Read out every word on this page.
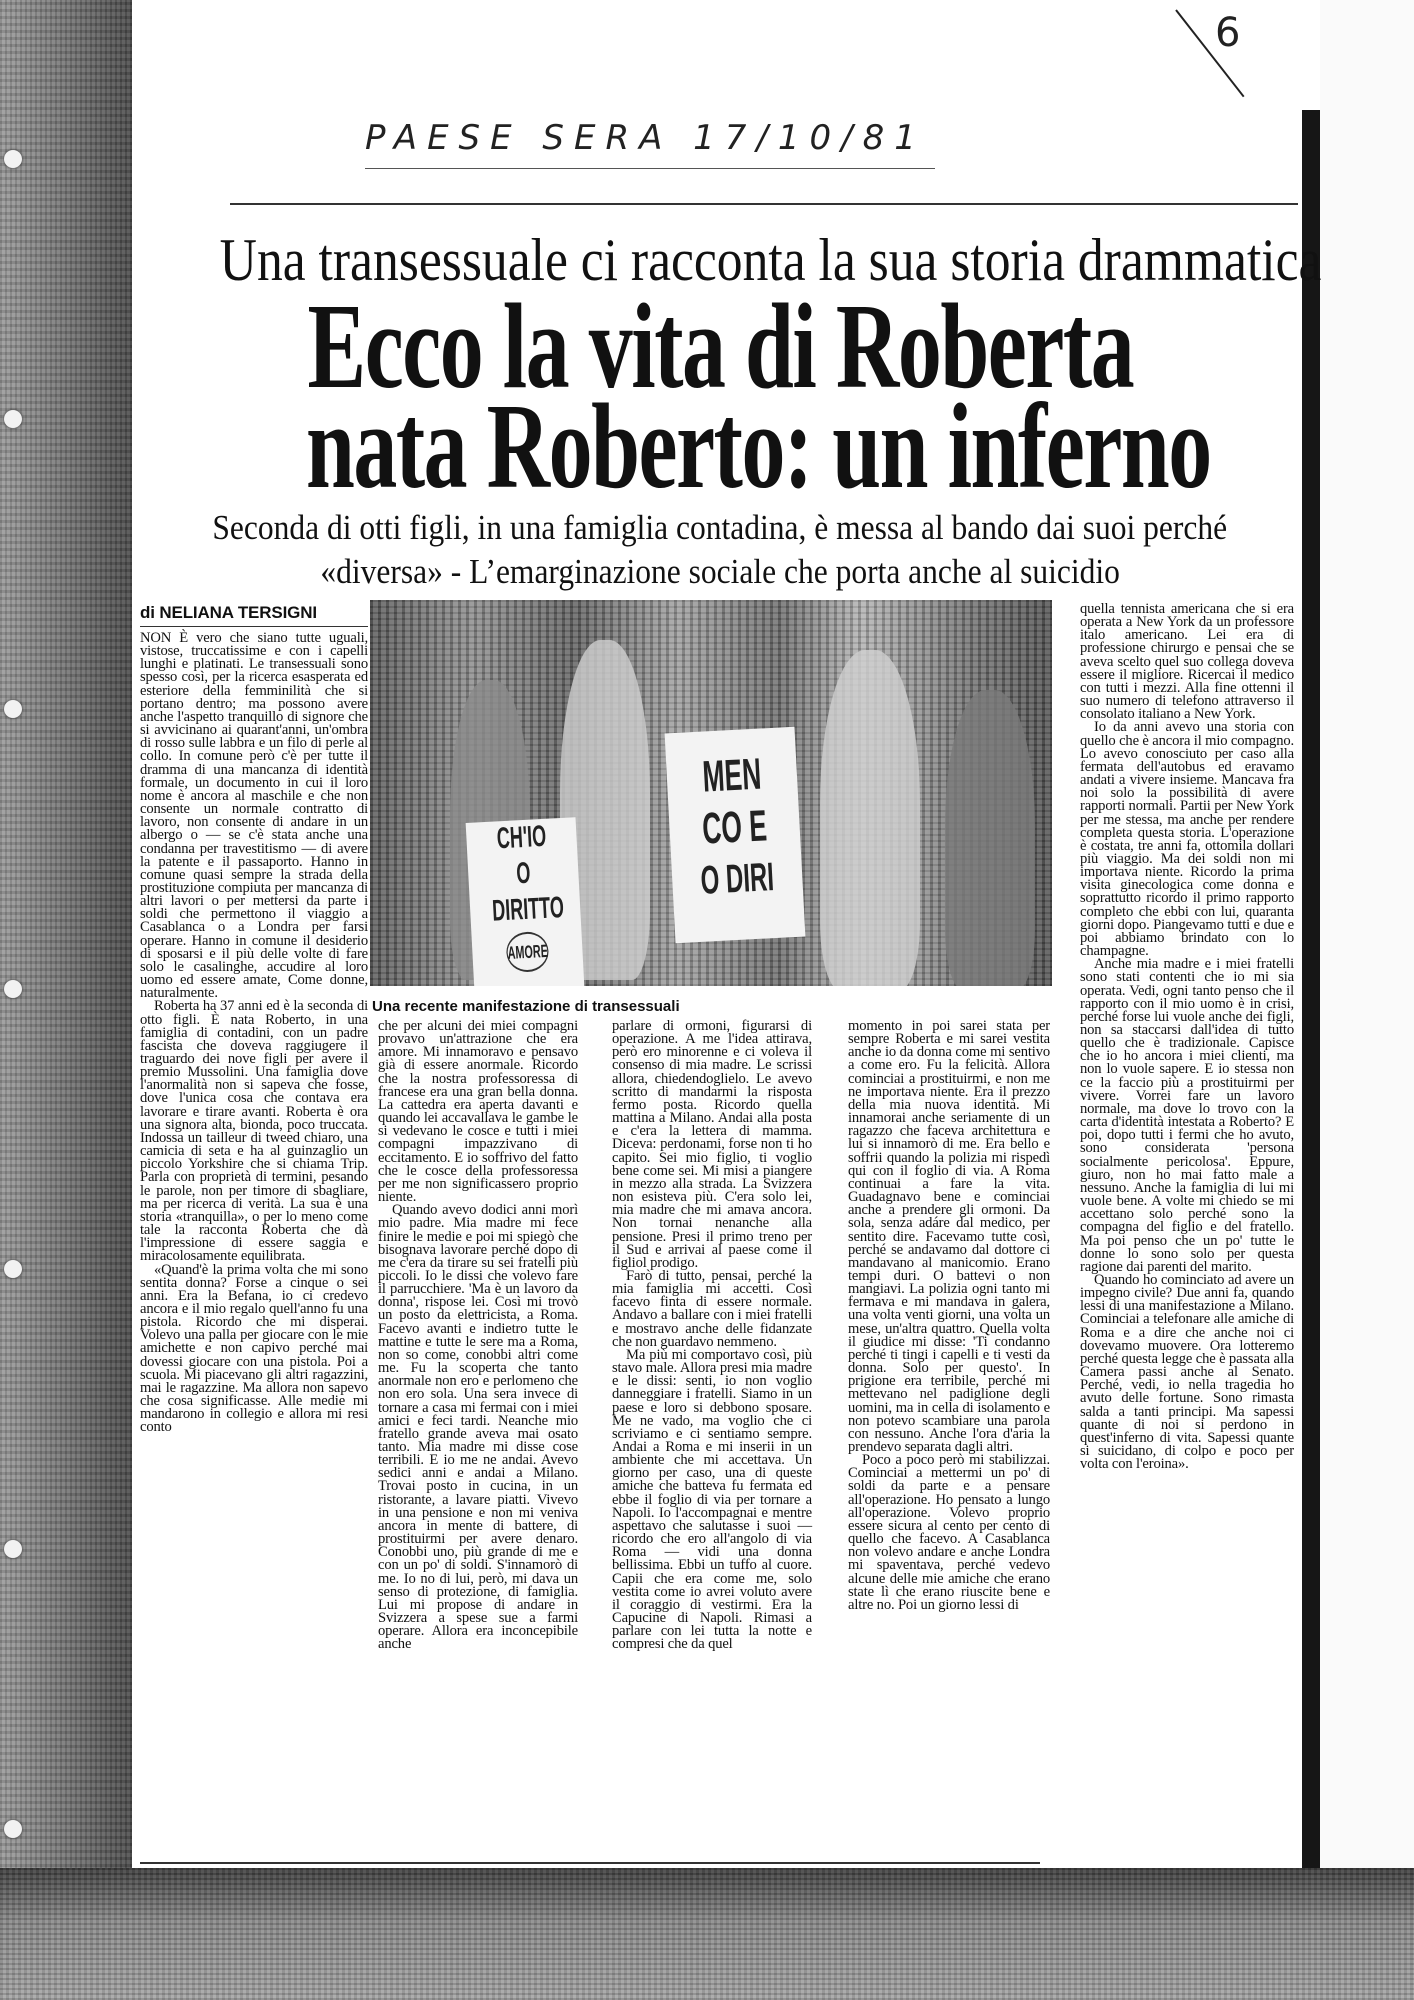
PAESE SERA 17/10/81
6
Una transessuale ci racconta la sua storia drammatica
Ecco la vita di Roberta
nata Roberto: un inferno
Seconda di otti figli, in una famiglia contadina, è messa al bando dai suoi perché
«diversa» - L’emarginazione sociale che porta anche al suicidio
di NELIANA TERSIGNI

NON È vero che siano tutte uguali, vistose, truccatissime e con i capelli lunghi e platinati. Le transessuali sono spesso così, per la ricerca esasperata ed esteriore della femminilità che si portano dentro; ma possono avere anche l'aspetto tranquillo di signore che si avvicinano ai quarant'anni, un'ombra di rosso sulle labbra e un filo di perle al collo. In comune però c'è per tutte il dramma di una mancanza di identità formale, un documento in cui il loro nome è ancora al maschile e che non consente un normale contratto di lavoro, non consente di andare in un albergo o — se c'è stata anche una condanna per travestitismo — di avere la patente e il passaporto. Hanno in comune quasi sempre la strada della prostituzione compiuta per mancanza di altri lavori o per mettersi da parte i soldi che permettono il viaggio a Casablanca o a Londra per farsi operare. Hanno in comune il desiderio di sposarsi e il più delle volte di fare solo le casalinghe, accudire al loro uomo ed essere amate, Come donne, naturalmente.

Roberta ha 37 anni ed è la seconda di otto figli. È nata Roberto, in una famiglia di contadini, con un padre fascista che doveva raggiugere il traguardo dei nove figli per avere il premio Mussolini. Una famiglia dove l'anormalità non si sapeva che fosse, dove l'unica cosa che contava era lavorare e tirare avanti. Roberta è ora una signora alta, bionda, poco truccata. Indossa un tailleur di tweed chiaro, una camicia di seta e ha al guinzaglio un piccolo Yorkshire che si chiama Trip. Parla con proprietà di termini, pesando le parole, non per timore di sbagliare, ma per ricerca di verità. La sua è una storia «tranquilla», o per lo meno come tale la racconta Roberta che dà l'impressione di essere saggia e miracolosamente equilibrata.

«Quand'è la prima volta che mi sono sentita donna? Forse a cinque o sei anni. Era la Befana, io ci credevo ancora e il mio regalo quell'anno fu una pistola. Ricordo che mi disperai. Volevo una palla per giocare con le mie amichette e non capivo perché mai dovessi giocare con una pistola. Poi a scuola. Mi piacevano gli altri ragazzini, mai le ragazzine. Ma allora non sapevo che cosa significasse. Alle medie mi mandarono in collegio e allora mi resi conto

CH'IO
O DIRITTO
AMORE
MEN
CO E
O DIRI
Una recente manifestazione di transessuali

che per alcuni dei miei compagni provavo un'attrazione che era amore. Mi innamoravo e pensavo già di essere anormale. Ricordo che la nostra professoressa di francese era una gran bella donna. La cattedra era aperta davanti e quando lei accavallava le gambe le si vedevano le cosce e tutti i miei compagni impazzivano di eccitamento. E io soffrivo del fatto che le cosce della professoressa per me non significassero proprio niente.

Quando avevo dodici anni morì mio padre. Mia madre mi fece finire le medie e poi mi spiegò che bisognava lavorare perché dopo di me c'era da tirare su sei fratelli più piccoli. Io le dissi che volevo fare il parrucchiere. 'Ma è un lavoro da donna', rispose lei. Così mi trovò un posto da elettricista, a Roma. Facevo avanti e indietro tutte le mattine e tutte le sere ma a Roma, non so come, conobbi altri come me. Fu la scoperta che tanto anormale non ero e perlomeno che non ero sola. Una sera invece di tornare a casa mi fermai con i miei amici e feci tardi. Neanche mio fratello grande aveva mai osato tanto. Mia madre mi disse cose terribili. E io me ne andai. Avevo sedici anni e andai a Milano. Trovai posto in cucina, in un ristorante, a lavare piatti. Vivevo in una pensione e non mi veniva ancora in mente di battere, di prostituirmi per avere denaro. Conobbi uno, più grande di me e con un po' di soldi. S'innamorò di me. Io no di lui, però, mi dava un senso di protezione, di famiglia. Lui mi propose di andare in Svizzera a spese sue a farmi operare. Allora era inconcepibile anche

parlare di ormoni, figurarsi di operazione. A me l'idea attirava, però ero minorenne e ci voleva il consenso di mia madre. Le scrissi allora, chiedendoglielo. Le avevo scritto di mandarmi la risposta fermo posta. Ricordo quella mattina a Milano. Andai alla posta e c'era la lettera di mamma. Diceva: perdonami, forse non ti ho capito. Sei mio figlio, ti voglio bene come sei. Mi misi a piangere in mezzo alla strada. La Svizzera non esisteva più. C'era solo lei, mia madre che mi amava ancora. Non tornai nenanche alla pensione. Presi il primo treno per il Sud e arrivai al paese come il figliol prodigo.

Farò di tutto, pensai, perché la mia famiglia mi accetti. Così facevo finta di essere normale. Andavo a ballare con i miei fratelli e mostravo anche delle fidanzate che non guardavo nemmeno.

Ma più mi comportavo così, più stavo male. Allora presi mia madre e le dissi: senti, io non voglio danneggiare i fratelli. Siamo in un paese e loro si debbono sposare. Me ne vado, ma voglio che ci scriviamo e ci sentiamo sempre. Andai a Roma e mi inserii in un ambiente che mi accettava. Un giorno per caso, una di queste amiche che batteva fu fermata ed ebbe il foglio di via per tornare a Napoli. Io l'accompagnai e mentre aspettavo che salutasse i suoi — ricordo che ero all'angolo di via Roma — vidi una donna bellissima. Ebbi un tuffo al cuore. Capii che era come me, solo vestita come io avrei voluto avere il coraggio di vestirmi. Era la Capucine di Napoli. Rimasi a parlare con lei tutta la notte e compresi che da quel

momento in poi sarei stata per sempre Roberta e mi sarei vestita anche io da donna come mi sentivo a come ero. Fu la felicità. Allora cominciai a prostituirmi, e non me ne importava niente. Era il prezzo della mia nuova identità. Mi innamorai anche seriamente di un ragazzo che faceva architettura e lui si innamorò di me. Era bello e soffrii quando la polizia mi rispedì qui con il foglio di via. A Roma continuai a fare la vita. Guadagnavo bene e cominciai anche a prendere gli ormoni. Da sola, senza adáre dal medico, per sentito dire. Facevamo tutte così, perché se andavamo dal dottore ci mandavano al manicomio. Erano tempi duri. O battevi o non mangiavi. La polizia ogni tanto mi fermava e mi mandava in galera, una volta venti giorni, una volta un mese, un'altra quattro. Quella volta il giudice mi disse: 'Ti condanno perché ti tingi i capelli e ti vesti da donna. Solo per questo'. In prigione era terribile, perché mi mettevano nel padiglione degli uomini, ma in cella di isolamento e non potevo scambiare una parola con nessuno. Anche l'ora d'aria la prendevo separata dagli altri.

Poco a poco però mi stabilizzai. Cominciai a mettermi un po' di soldi da parte e a pensare all'operazione. Ho pensato a lungo all'operazione. Volevo proprio essere sicura al cento per cento di quello che facevo. A Casablanca non volevo andare e anche Londra mi spaventava, perché vedevo alcune delle mie amiche che erano state lì che erano riuscite bene e altre no. Poi un giorno lessi di

quella tennista americana che si era operata a New York da un professore italo americano. Lei era di professione chirurgo e pensai che se aveva scelto quel suo collega doveva essere il migliore. Ricercai il medico con tutti i mezzi. Alla fine ottenni il suo numero di telefono attraverso il consolato italiano a New York.

Io da anni avevo una storia con quello che è ancora il mio compagno. Lo avevo conosciuto per caso alla fermata dell'autobus ed eravamo andati a vivere insieme. Mancava fra noi solo la possibilità di avere rapporti normali. Partii per New York per me stessa, ma anche per rendere completa questa storia. L'operazione è costata, tre anni fa, ottomila dollari più viaggio. Ma dei soldi non mi importava niente. Ricordo la prima visita ginecologica come donna e soprattutto ricordo il primo rapporto completo che ebbi con lui, quaranta giorni dopo. Piangevamo tutti e due e poi abbiamo brindato con lo champagne.

Anche mia madre e i miei fratelli sono stati contenti che io mi sia operata. Vedi, ogni tanto penso che il rapporto con il mio uomo è in crisi, perché forse lui vuole anche dei figli, non sa staccarsi dall'idea di tutto quello che è tradizionale. Capisce che io ho ancora i miei clienti, ma non lo vuole sapere. E io stessa non ce la faccio più a prostituirmi per vivere. Vorrei fare un lavoro normale, ma dove lo trovo con la carta d'identità intestata a Roberto? E poi, dopo tutti i fermi che ho avuto, sono considerata 'persona socialmente pericolosa'. Eppure, giuro, non ho mai fatto male a nessuno. Anche la famiglia di lui mi vuole bene. A volte mi chiedo se mi accettano solo perché sono la compagna del figlio e del fratello. Ma poi penso che un po' tutte le donne lo sono solo per questa ragione dai parenti del marito.

Quando ho cominciato ad avere un impegno civile? Due anni fa, quando lessi di una manifestazione a Milano. Cominciai a telefonare alle amiche di Roma e a dire che anche noi ci dovevamo muovere. Ora lotteremo perché questa legge che è passata alla Camera passi anche al Senato. Perché, vedi, io nella tragedia ho avuto delle fortune. Sono rimasta salda a tanti principi. Ma sapessi quante di noi si perdono in quest'inferno di vita. Sapessi quante si suicidano, di colpo e poco per volta con l'eroina».
